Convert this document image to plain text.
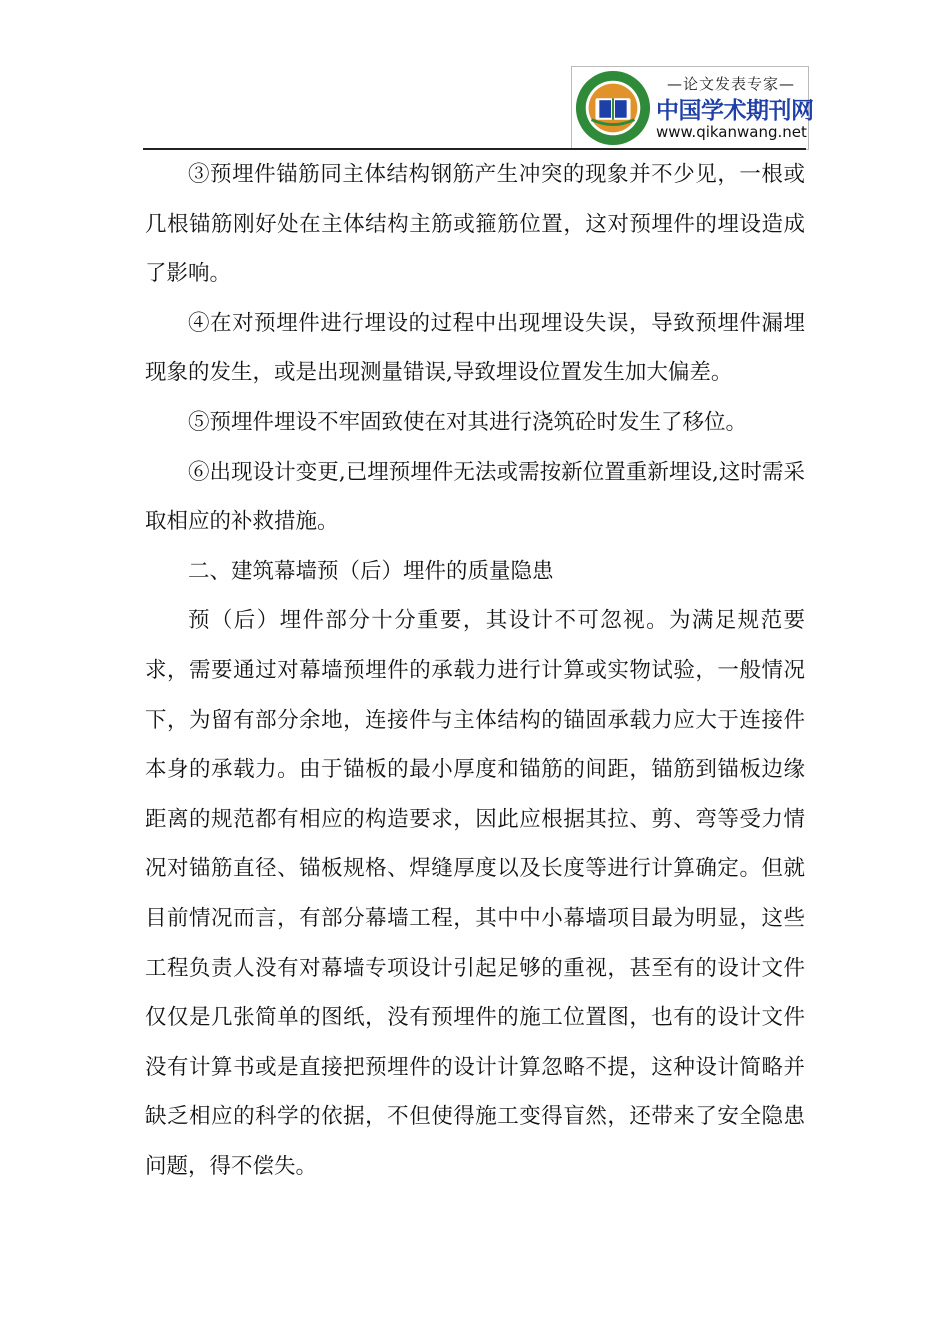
—论文发表专家—
中国学术期刊网
www.qikanwang.net

③预埋件锚筋同主体结构钢筋产生冲突的现象并不少见，一根或几根锚筋刚好处在主体结构主筋或箍筋位置，这对预埋件的埋设造成了影响。

④在对预埋件进行埋设的过程中出现埋设失误，导致预埋件漏埋现象的发生，或是出现测量错误,导致埋设位置发生加大偏差。

⑤预埋件埋设不牢固致使在对其进行浇筑砼时发生了移位。

⑥出现设计变更,已埋预埋件无法或需按新位置重新埋设,这时需采取相应的补救措施。

二、建筑幕墙预（后）埋件的质量隐患

预（后）埋件部分十分重要，其设计不可忽视。为满足规范要求，需要通过对幕墙预埋件的承载力进行计算或实物试验，一般情况下，为留有部分余地，连接件与主体结构的锚固承载力应大于连接件本身的承载力。由于锚板的最小厚度和锚筋的间距，锚筋到锚板边缘距离的规范都有相应的构造要求，因此应根据其拉、剪、弯等受力情况对锚筋直径、锚板规格、焊缝厚度以及长度等进行计算确定。但就目前情况而言，有部分幕墙工程，其中中小幕墙项目最为明显，这些工程负责人没有对幕墙专项设计引起足够的重视，甚至有的设计文件仅仅是几张简单的图纸，没有预埋件的施工位置图，也有的设计文件没有计算书或是直接把预埋件的设计计算忽略不提，这种设计简略并缺乏相应的科学的依据，不但使得施工变得盲然，还带来了安全隐患问题，得不偿失。
